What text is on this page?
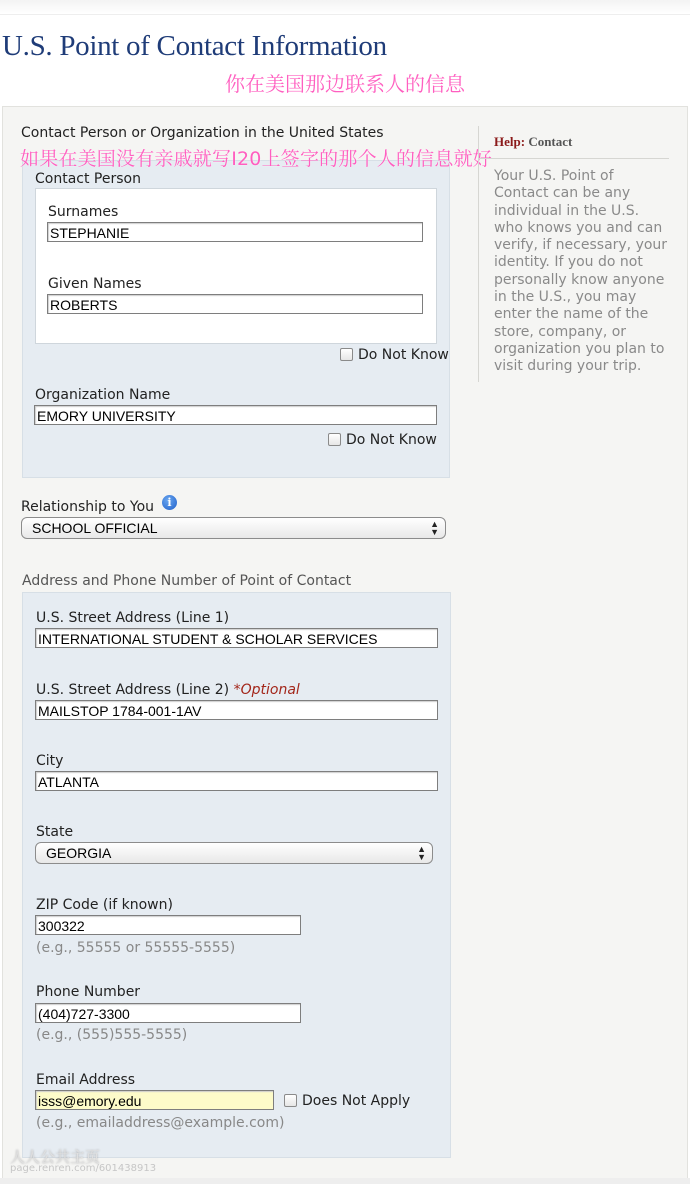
U.S. Point of Contact Information
你在美国那边联系人的信息
Contact Person or Organization in the United States
Contact Person
Surnames
STEPHANIE
Given Names
ROBERTS
Do Not Know
Organization Name
EMORY UNIVERSITY
Do Not Know
如果在美国没有亲戚就写I20上签字的那个人的信息就好
Help: Contact
Your U.S. Point of Contact can be any individual in the U.S. who knows you and can verify, if necessary, your identity. If you do not personally know anyone in the U.S., you may enter the name of the store, company, or organization you plan to visit during your trip.
Relationship to You	i
SCHOOL OFFICIAL	▲
▼
Address and Phone Number of Point of Contact
U.S. Street Address (Line 1)
INTERNATIONAL STUDENT & SCHOLAR SERVICES
U.S. Street Address (Line 2) *Optional
MAILSTOP 1784-001-1AV
City
ATLANTA
State
GEORGIA	▲
▼
ZIP Code (if known)
300322
(e.g., 55555 or 55555-5555)
Phone Number
(404)727-3300
(e.g., (555)555-5555)
Email Address
isss@emory.edu	Does Not Apply
(e.g., emailaddress@example.com)
人人公共主页
page.renren.com/601438913
